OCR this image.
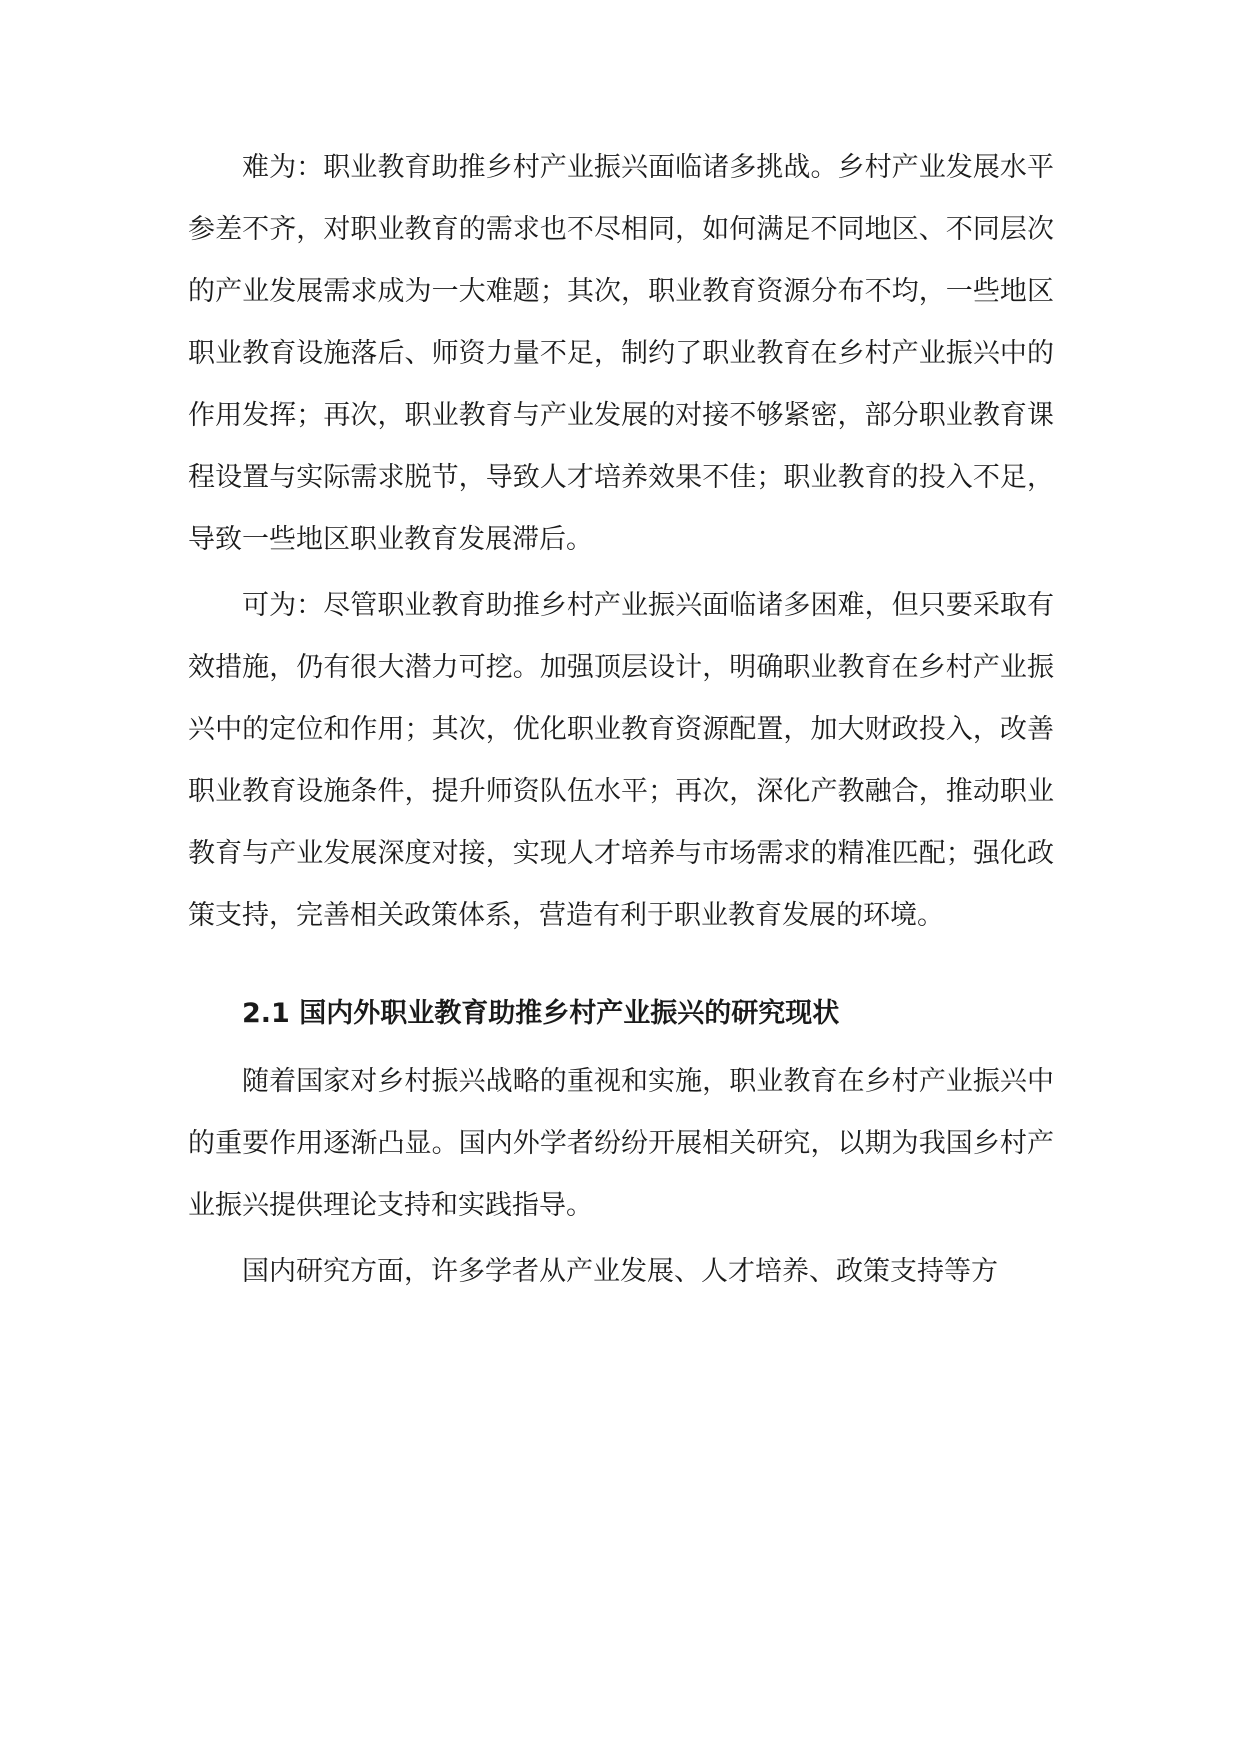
难为：职业教育助推乡村产业振兴面临诸多挑战。乡村产业发展水平参差不齐，对职业教育的需求也不尽相同，如何满足不同地区、不同层次的产业发展需求成为一大难题；其次，职业教育资源分布不均，一些地区职业教育设施落后、师资力量不足，制约了职业教育在乡村产业振兴中的作用发挥；再次，职业教育与产业发展的对接不够紧密，部分职业教育课程设置与实际需求脱节，导致人才培养效果不佳；职业教育的投入不足，导致一些地区职业教育发展滞后。

可为：尽管职业教育助推乡村产业振兴面临诸多困难，但只要采取有效措施，仍有很大潜力可挖。加强顶层设计，明确职业教育在乡村产业振兴中的定位和作用；其次，优化职业教育资源配置，加大财政投入，改善职业教育设施条件，提升师资队伍水平；再次，深化产教融合，推动职业教育与产业发展深度对接，实现人才培养与市场需求的精准匹配；强化政策支持，完善相关政策体系，营造有利于职业教育发展的环境。

2.1 国内外职业教育助推乡村产业振兴的研究现状

随着国家对乡村振兴战略的重视和实施，职业教育在乡村产业振兴中的重要作用逐渐凸显。国内外学者纷纷开展相关研究，以期为我国乡村产业振兴提供理论支持和实践指导。

国内研究方面，许多学者从产业发展、人才培养、政策支持等方
